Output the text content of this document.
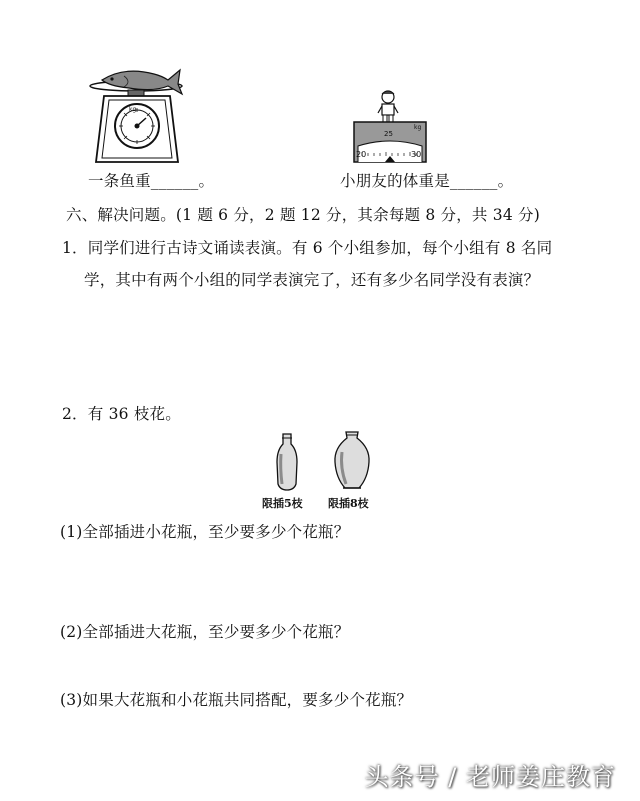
kg
kg
20
25
30
一条鱼重______。	小朋友的体重是______。
六、解决问题。(1 题 6 分，2 题 12 分，其余每题 8 分，共 34 分)
1．同学们进行古诗文诵读表演。有 6 个小组参加，每个小组有 8 名同
学，其中有两个小组的同学表演完了，还有多少名同学没有表演？
2．有 36 枝花。
限插5枝 限插8枝
(1)全部插进小花瓶，至少要多少个花瓶？
(2)全部插进大花瓶，至少要多少个花瓶？
(3)如果大花瓶和小花瓶共同搭配，要多少个花瓶？
头条号 / 老师姜庄教育
